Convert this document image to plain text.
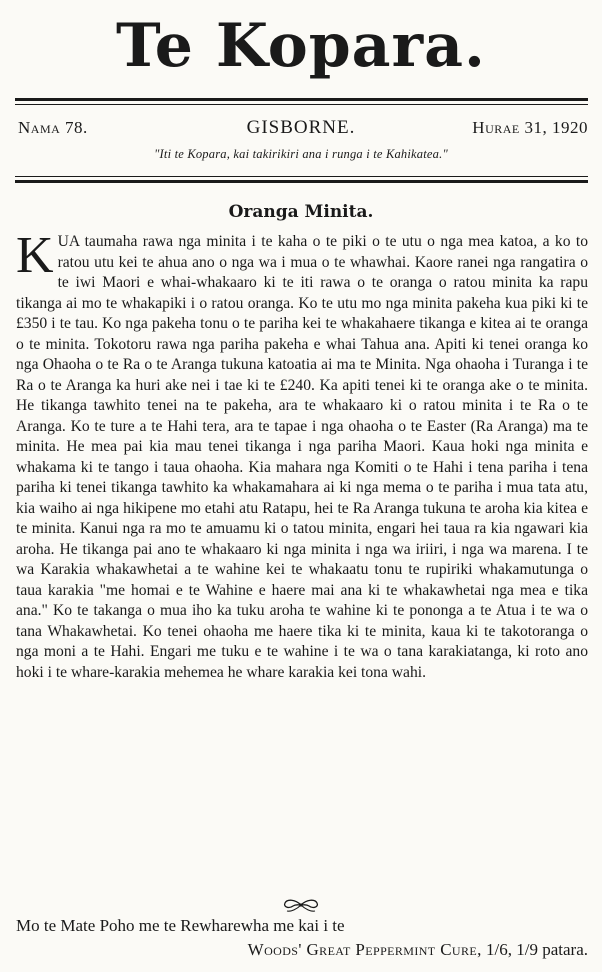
Te Kopara.
GISBORNE.
Nama 78.	Hurae 31, 1920
"Iti te Kopara, kai takirikiri ana i runga i te Kahikatea."
Oranga Minita.

KUA taumaha rawa nga minita i te kaha o te piki o te utu o nga mea katoa, a ko to ratou utu kei te ahua ano o nga wa i mua o te whawhai. Kaore ranei nga rangatira o te iwi Maori e whai-whakaaro ki te iti rawa o te oranga o ratou minita ka rapu tikanga ai mo te whakapiki i o ratou oranga. Ko te utu mo nga minita pakeha kua piki ki te £350 i te tau. Ko nga pakeha tonu o te pariha kei te whakahaere tikanga e kitea ai te oranga o te minita. Tokotoru rawa nga pariha pakeha e whai Tahua ana. Apiti ki tenei oranga ko nga Ohaoha o te Ra o te Aranga tukuna katoatia ai ma te Minita. Nga ohaoha i Turanga i te Ra o te Aranga ka huri ake nei i tae ki te £240. Ka apiti tenei ki te oranga ake o te minita. He tikanga tawhito tenei na te pakeha, ara te whakaaro ki o ratou minita i te Ra o te Aranga. Ko te ture a te Hahi tera, ara te tapae i nga ohaoha o te Easter (Ra Aranga) ma te minita. He mea pai kia mau tenei tikanga i nga pariha Maori. Kaua hoki nga minita e whakama ki te tango i taua ohaoha. Kia mahara nga Komiti o te Hahi i tena pariha i tena pariha ki tenei tikanga tawhito ka whakamahara ai ki nga mema o te pariha i mua tata atu, kia waiho ai nga hikipene mo etahi atu Ratapu, hei te Ra Aranga tukuna te aroha kia kitea e te minita. Kanui nga ra mo te amuamu ki o tatou minita, engari hei taua ra kia ngawari kia aroha. He tikanga pai ano te whakaaro ki nga minita i nga wa iriiri, i nga wa marena. I te wa Karakia whakawhetai a te wahine kei te whakaatu tonu te rupiriki whakamutunga o taua karakia "me homai e te Wahine e haere mai ana ki te whakawhetai nga mea e tika ana." Ko te takanga o mua iho ka tuku aroha te wahine ki te pononga a te Atua i te wa o tana Whakawhetai. Ko tenei ohaoha me haere tika ki te minita, kaua ki te takotoranga o nga moni a te Hahi. Engari me tuku e te wahine i te wa o tana karakiatanga, ki roto ano hoki i te whare-karakia mehemea he whare karakia kei tona wahi.

Mo te Mate Poho me te Rewharewha me kai i te
Woods' Great Peppermint Cure, 1/6, 1/9 patara.
